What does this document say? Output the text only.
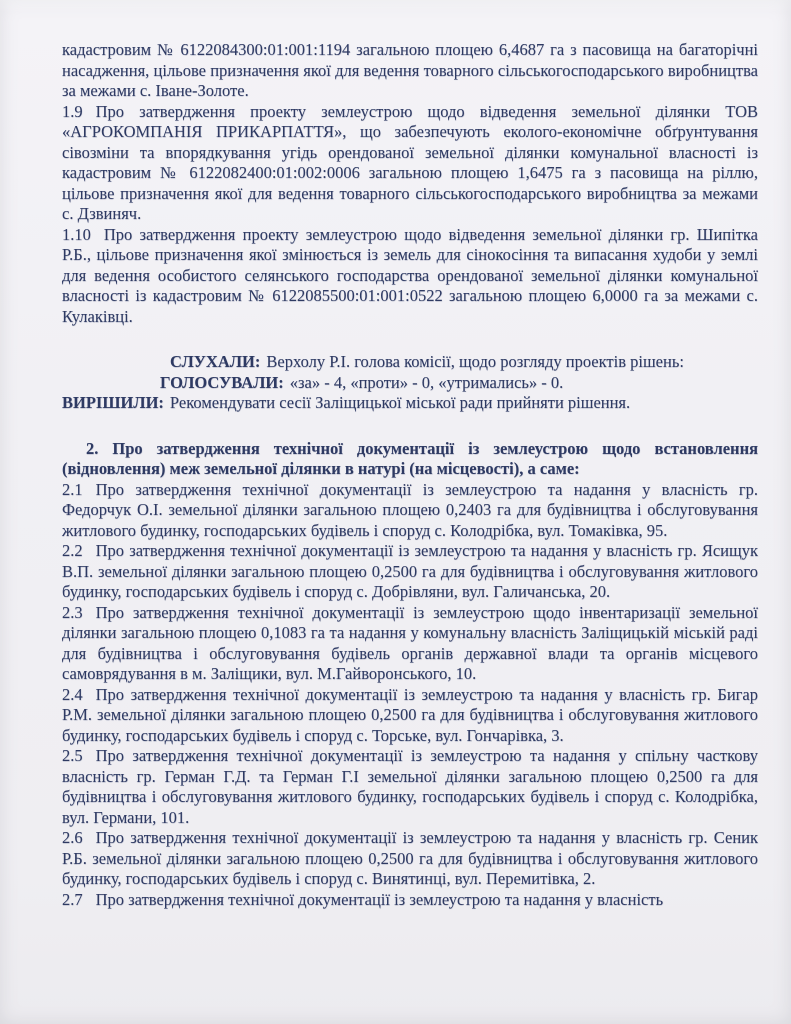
кадастровим № 6122084300:01:001:1194 загальною площею 6,4687 га з пасовища на багаторічні насадження, цільове призначення якої для ведення товарного сільськогосподарського виробництва за межами с. Іване-Золоте.

1.9 Про затвердження проекту землеустрою щодо відведення земельної ділянки ТОВ «АГРОКОМПАНІЯ ПРИКАРПАТТЯ», що забезпечують еколого-економічне обґрунтування сівозміни та впорядкування угідь орендованої земельної ділянки комунальної власності із кадастровим № 6122082400:01:002:0006 загальною площею 1,6475 га з пасовища на ріллю, цільове призначення якої для ведення товарного сільськогосподарського виробництва за межами с. Дзвиняч.

1.10 Про затвердження проекту землеустрою щодо відведення земельної ділянки гр. Шипітка Р.Б., цільове призначення якої змінюється із земель для сінокосіння та випасання худоби у землі для ведення особистого селянського господарства орендованої земельної ділянки комунальної власності із кадастровим № 6122085500:01:001:0522 загальною площею 6,0000 га за межами с. Кулаківці.

СЛУХАЛИ: Верхолу Р.І. голова комісії, щодо розгляду проектів рішень:

ГОЛОСУВАЛИ: «за» - 4, «проти» - 0, «утримались» - 0.

ВИРІШИЛИ: Рекомендувати сесії Заліщицької міської ради прийняти рішення.

2. Про затвердження технічної документації із землеустрою щодо встановлення (відновлення) меж земельної ділянки в натурі (на місцевості), а саме:

2.1 Про затвердження технічної документації із землеустрою та надання у власність гр. Федорчук О.І. земельної ділянки загальною площею 0,2403 га для будівництва і обслуговування житлового будинку, господарських будівель і споруд с. Колодрібка, вул. Томаківка, 95.

2.2 Про затвердження технічної документації із землеустрою та надання у власність гр. Ясищук В.П. земельної ділянки загальною площею 0,2500 га для будівництва і обслуговування житлового будинку, господарських будівель і споруд с. Добрівляни, вул. Галичанська, 20.

2.3 Про затвердження технічної документації із землеустрою щодо інвентаризації земельної ділянки загальною площею 0,1083 га та надання у комунальну власність Заліщицькій міській раді для будівництва і обслуговування будівель органів державної влади та органів місцевого самоврядування в м. Заліщики, вул. М.Гайворонського, 10.

2.4 Про затвердження технічної документації із землеустрою та надання у власність гр. Бигар Р.М. земельної ділянки загальною площею 0,2500 га для будівництва і обслуговування житлового будинку, господарських будівель і споруд с. Торське, вул. Гончарівка, 3.

2.5 Про затвердження технічної документації із землеустрою та надання у спільну часткову власність гр. Герман Г.Д. та Герман Г.І земельної ділянки загальною площею 0,2500 га для будівництва і обслуговування житлового будинку, господарських будівель і споруд с. Колодрібка, вул. Германи, 101.

2.6 Про затвердження технічної документації із землеустрою та надання у власність гр. Сеник Р.Б. земельної ділянки загальною площею 0,2500 га для будівництва і обслуговування житлового будинку, господарських будівель і споруд с. Винятинці, вул. Перемитівка, 2.

2.7 Про затвердження технічної документації із землеустрою та надання у власність
